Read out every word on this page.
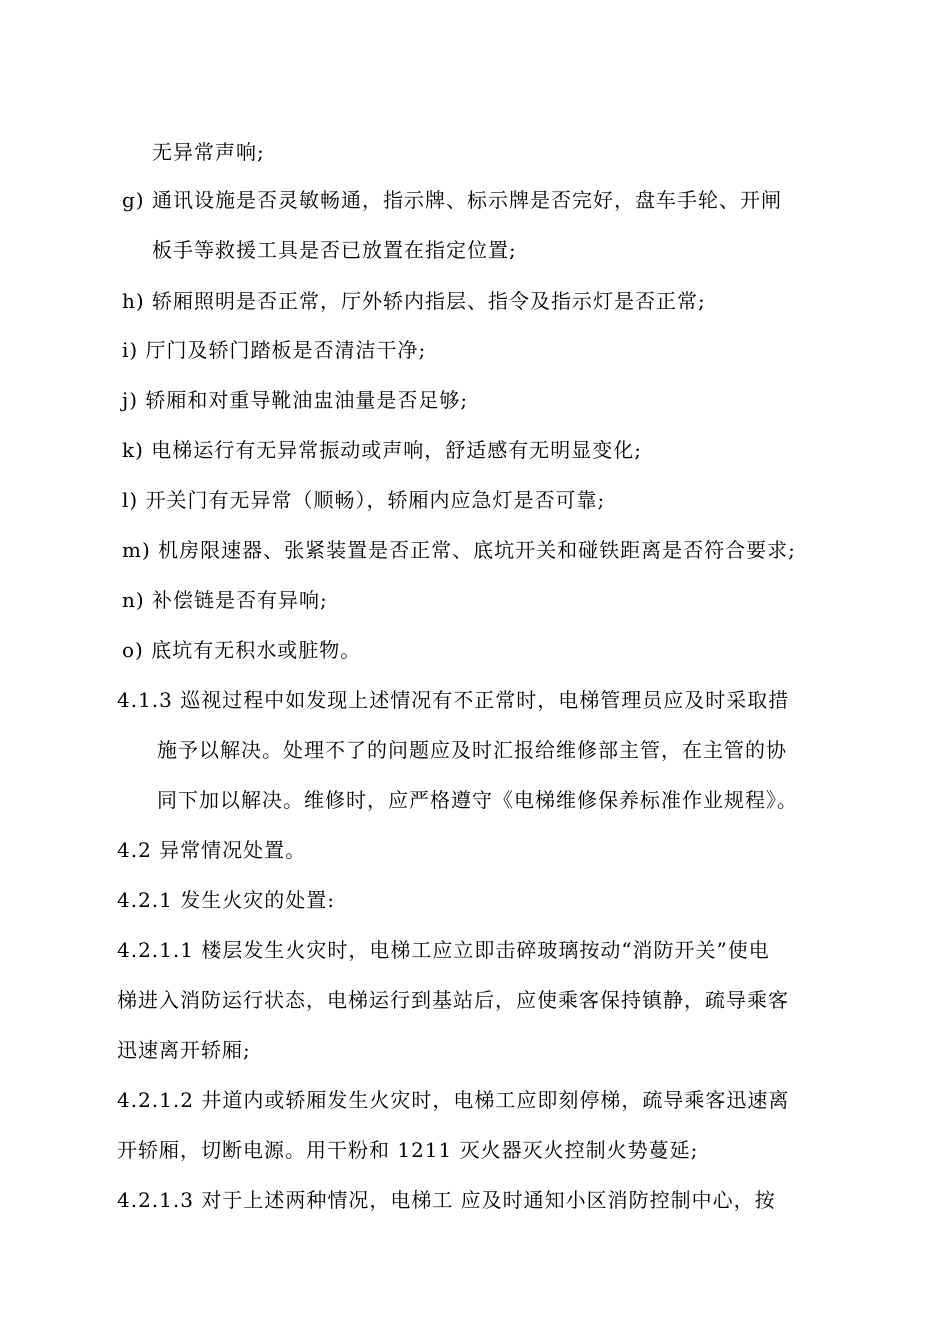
无异常声响;
g) 通讯设施是否灵敏畅通，指示牌、标示牌是否完好，盘车手轮、开闸
板手等救援工具是否已放置在指定位置;
h) 轿厢照明是否正常，厅外轿内指层、指令及指示灯是否正常;
i) 厅门及轿门踏板是否清洁干净;
j) 轿厢和对重导靴油盅油量是否足够;
k) 电梯运行有无异常振动或声响，舒适感有无明显变化;
l) 开关门有无异常（顺畅），轿厢内应急灯是否可靠;
m) 机房限速器、张紧装置是否正常、底坑开关和碰铁距离是否符合要求;
n) 补偿链是否有异响;
o) 底坑有无积水或脏物。
4.1.3 巡视过程中如发现上述情况有不正常时，电梯管理员应及时采取措
施予以解决。处理不了的问题应及时汇报给维修部主管，在主管的协
同下加以解决。维修时，应严格遵守《电梯维修保养标准作业规程》。
4.2 异常情况处置。
4.2.1 发生火灾的处置:
4.2.1.1 楼层发生火灾时，电梯工应立即击碎玻璃按动“消防开关”使电
梯进入消防运行状态，电梯运行到基站后，应使乘客保持镇静，疏导乘客
迅速离开轿厢;
4.2.1.2 井道内或轿厢发生火灾时，电梯工应即刻停梯，疏导乘客迅速离
开轿厢，切断电源。用干粉和 1211 灭火器灭火控制火势蔓延;
4.2.1.3 对于上述两种情况，电梯工 应及时通知小区消防控制中心，按
